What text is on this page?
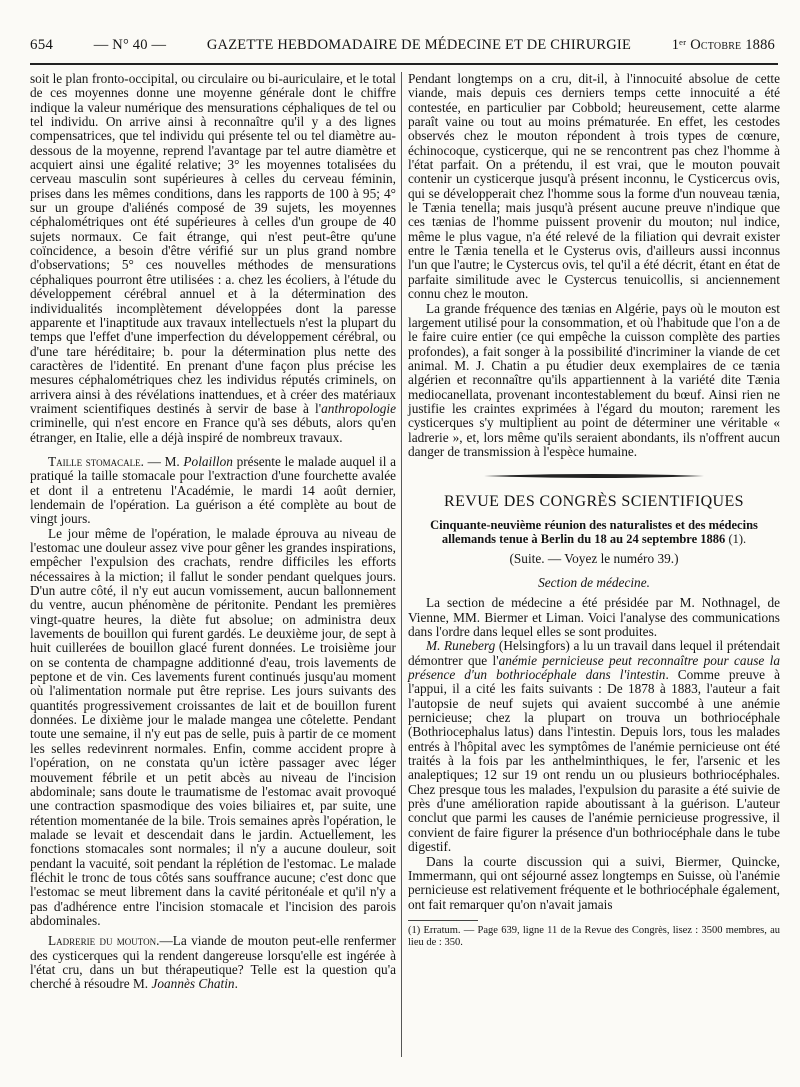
654	— N° 40 —	GAZETTE HEBDOMADAIRE DE MÉDECINE ET DE CHIRURGIE	1ᵉʳ Octobre 1886

soit le plan fronto-occipital, ou circulaire ou bi-auriculaire, et le total de ces moyennes donne une moyenne générale dont le chiffre indique la valeur numérique des mensurations céphaliques de tel ou tel individu. On arrive ainsi à reconnaître qu'il y a des lignes compensatrices, que tel individu qui présente tel ou tel diamètre au-dessous de la moyenne, reprend l'avantage par tel autre diamètre et acquiert ainsi une égalité relative; 3° les moyennes totalisées du cerveau masculin sont supérieures à celles du cerveau féminin, prises dans les mêmes conditions, dans les rapports de 100 à 95; 4° sur un groupe d'aliénés composé de 39 sujets, les moyennes céphalométriques ont été supérieures à celles d'un groupe de 40 sujets normaux. Ce fait étrange, qui n'est peut-être qu'une coïncidence, a besoin d'être vérifié sur un plus grand nombre d'observations; 5° ces nouvelles méthodes de mensurations céphaliques pourront être utilisées : a. chez les écoliers, à l'étude du développement cérébral annuel et à la détermination des individualités incomplètement développées dont la paresse apparente et l'inaptitude aux travaux intellectuels n'est la plupart du temps que l'effet d'une imperfection du développement cérébral, ou d'une tare héréditaire; b. pour la détermination plus nette des caractères de l'identité. En prenant d'une façon plus précise les mesures céphalométriques chez les individus réputés criminels, on arrivera ainsi à des révélations inattendues, et à créer des matériaux vraiment scientifiques destinés à servir de base à l'anthropologie criminelle, qui n'est encore en France qu'à ses débuts, alors qu'en étranger, en Italie, elle a déjà inspiré de nombreux travaux.

Taille stomacale. — M. Polaillon présente le malade auquel il a pratiqué la taille stomacale pour l'extraction d'une fourchette avalée et dont il a entretenu l'Académie, le mardi 14 août dernier, lendemain de l'opération. La guérison a été complète au bout de vingt jours.

Le jour même de l'opération, le malade éprouva au niveau de l'estomac une douleur assez vive pour gêner les grandes inspirations, empêcher l'expulsion des crachats, rendre difficiles les efforts nécessaires à la miction; il fallut le sonder pendant quelques jours. D'un autre côté, il n'y eut aucun vomissement, aucun ballonnement du ventre, aucun phénomène de péritonite. Pendant les premières vingt-quatre heures, la diète fut absolue; on administra deux lavements de bouillon qui furent gardés. Le deuxième jour, de sept à huit cuillerées de bouillon glacé furent données. Le troisième jour on se contenta de champagne additionné d'eau, trois lavements de peptone et de vin. Ces lavements furent continués jusqu'au moment où l'alimentation normale put être reprise. Les jours suivants des quantités progressivement croissantes de lait et de bouillon furent données. Le dixième jour le malade mangea une côtelette. Pendant toute une semaine, il n'y eut pas de selle, puis à partir de ce moment les selles redevinrent normales. Enfin, comme accident propre à l'opération, on ne constata qu'un ictère passager avec léger mouvement fébrile et un petit abcès au niveau de l'incision abdominale; sans doute le traumatisme de l'estomac avait provoqué une contraction spasmodique des voies biliaires et, par suite, une rétention momentanée de la bile. Trois semaines après l'opération, le malade se levait et descendait dans le jardin. Actuellement, les fonctions stomacales sont normales; il n'y a aucune douleur, soit pendant la vacuité, soit pendant la réplétion de l'estomac. Le malade fléchit le tronc de tous côtés sans souffrance aucune; c'est donc que l'estomac se meut librement dans la cavité péritonéale et qu'il n'y a pas d'adhérence entre l'incision stomacale et l'incision des parois abdominales.

Ladrerie du mouton.—La viande de mouton peut-elle renfermer des cysticerques qui la rendent dangereuse lorsqu'elle est ingérée à l'état cru, dans un but thérapeutique? Telle est la question qu'a cherché à résoudre M. Joannès Chatin.

Pendant longtemps on a cru, dit-il, à l'innocuité absolue de cette viande, mais depuis ces derniers temps cette innocuité a été contestée, en particulier par Cobbold; heureusement, cette alarme paraît vaine ou tout au moins prématurée. En effet, les cestodes observés chez le mouton répondent à trois types de cœnure, échinocoque, cysticerque, qui ne se rencontrent pas chez l'homme à l'état parfait. On a prétendu, il est vrai, que le mouton pouvait contenir un cysticerque jusqu'à présent inconnu, le Cysticercus ovis, qui se développerait chez l'homme sous la forme d'un nouveau tænia, le Tænia tenella; mais jusqu'à présent aucune preuve n'indique que ces tænias de l'homme puissent provenir du mouton; nul indice, même le plus vague, n'a été relevé de la filiation qui devrait exister entre le Tænia tenella et le Cysterus ovis, d'ailleurs aussi inconnus l'un que l'autre; le Cystercus ovis, tel qu'il a été décrit, étant en état de parfaite similitude avec le Cystercus tenuicollis, si anciennement connu chez le mouton.

La grande fréquence des tænias en Algérie, pays où le mouton est largement utilisé pour la consommation, et où l'habitude que l'on a de le faire cuire entier (ce qui empêche la cuisson complète des parties profondes), a fait songer à la possibilité d'incriminer la viande de cet animal. M. J. Chatin a pu étudier deux exemplaires de ce tænia algérien et reconnaître qu'ils appartiennent à la variété dite Tænia mediocanellata, provenant incontestablement du bœuf. Ainsi rien ne justifie les craintes exprimées à l'égard du mouton; rarement les cysticerques s'y multiplient au point de déterminer une véritable « ladrerie », et, lors même qu'ils seraient abondants, ils n'offrent aucun danger de transmission à l'espèce humaine.

REVUE DES CONGRÈS SCIENTIFIQUES

Cinquante-neuvième réunion des naturalistes et des médecins allemands tenue à Berlin du 18 au 24 septembre 1886 (1).

(Suite. — Voyez le numéro 39.)

Section de médecine.

La section de médecine a été présidée par M. Nothnagel, de Vienne, MM. Biermer et Liman. Voici l'analyse des communications dans l'ordre dans lequel elles se sont produites.

M. Runeberg (Helsingfors) a lu un travail dans lequel il prétendait démontrer que l'anémie pernicieuse peut reconnaître pour cause la présence d'un bothriocéphale dans l'intestin. Comme preuve à l'appui, il a cité les faits suivants : De 1878 à 1883, l'auteur a fait l'autopsie de neuf sujets qui avaient succombé à une anémie pernicieuse; chez la plupart on trouva un bothriocéphale (Bothriocephalus latus) dans l'intestin. Depuis lors, tous les malades entrés à l'hôpital avec les symptômes de l'anémie pernicieuse ont été traités à la fois par les anthelminthiques, le fer, l'arsenic et les analeptiques; 12 sur 19 ont rendu un ou plusieurs bothriocéphales. Chez presque tous les malades, l'expulsion du parasite a été suivie de près d'une amélioration rapide aboutissant à la guérison. L'auteur conclut que parmi les causes de l'anémie pernicieuse progressive, il convient de faire figurer la présence d'un bothriocéphale dans le tube digestif.

Dans la courte discussion qui a suivi, Biermer, Quincke, Immermann, qui ont séjourné assez longtemps en Suisse, où l'anémie pernicieuse est relativement fréquente et le bothriocéphale également, ont fait remarquer qu'on n'avait jamais

(1) Erratum. — Page 639, ligne 11 de la Revue des Congrès, lisez : 3500 membres, au lieu de : 350.
